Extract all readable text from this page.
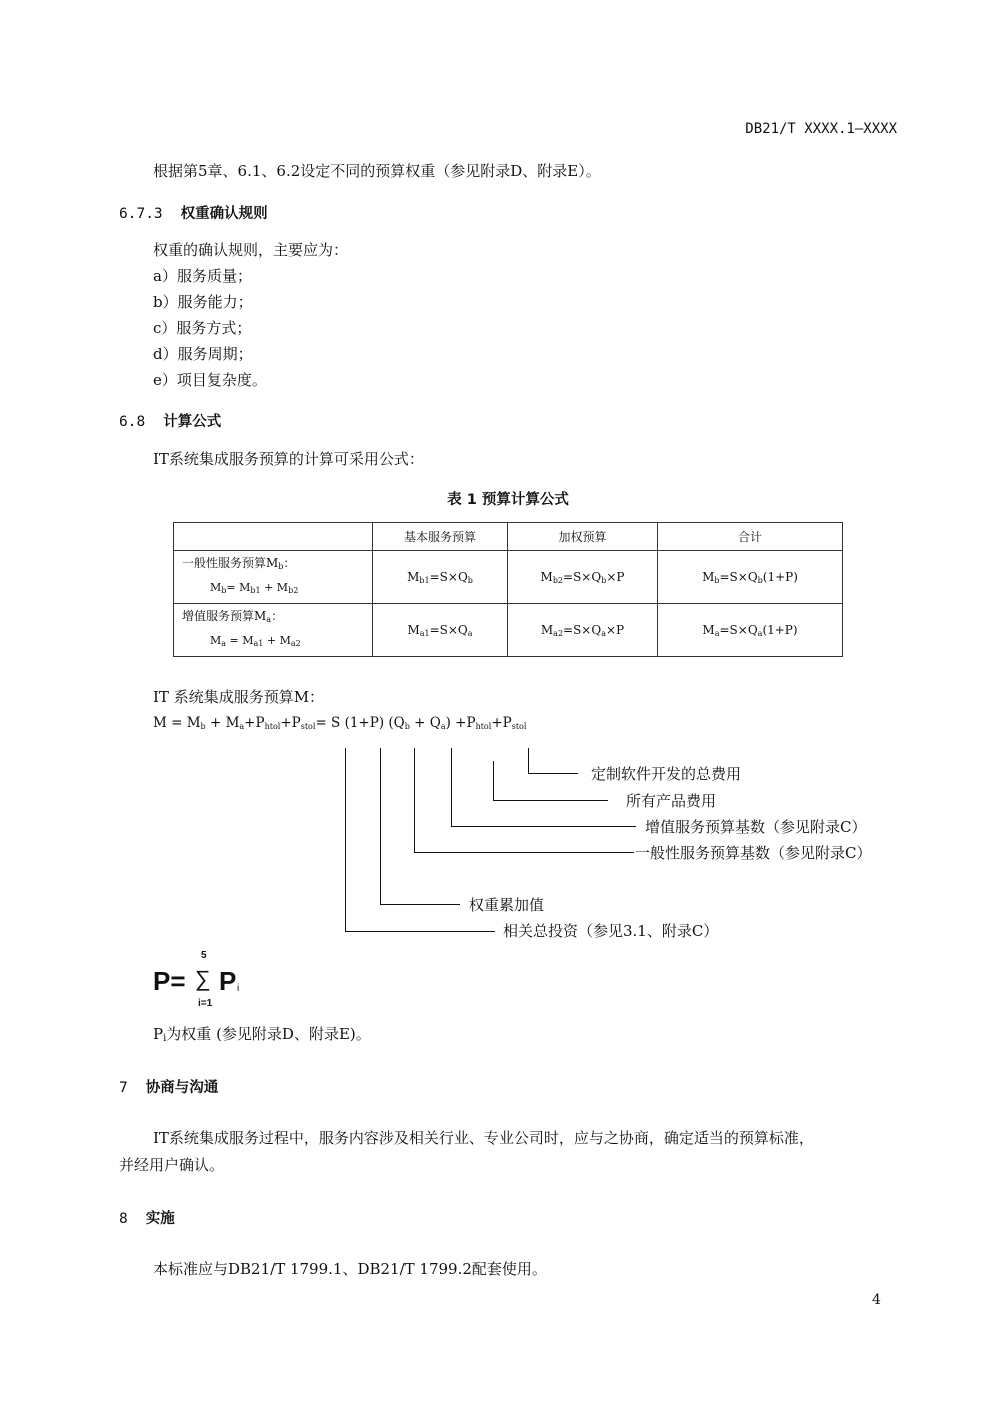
DB21/T XXXX.1—XXXX
根据第5章、6.1、6.2设定不同的预算权重（参见附录D、附录E）。
6.7.3 权重确认规则
权重的确认规则，主要应为：
a）服务质量；
b）服务能力；
c）服务方式；
d）服务周期；
e）项目复杂度。
6.8 计算公式
IT系统集成服务预算的计算可采用公式：
表 1 预算计算公式
	基本服务预算	加权预算	合计

一般性服务预算$M_b$：
$M_b= M_{b1} + M_{b2}$	$M_{b1}=S\times Q_b$	$M_{b2}=S\times Q_b\times P$	$M_b=S\times Q_b(1+P)$

增值服务预算$M_a$：
$M_a = M_{a1} + M_{a2}$	$M_{a1}=S\times Q_a$	$M_{a2}=S\times Q_a\times P$	$M_a=S\times Q_a(1+P)$
IT 系统集成服务预算M：
$M = M_b + M_a+P_{htol}+P_{stol}= S$ (1+P) $(Q_b + Q_a) +P_{htol}+P_{stol}$
定制软件开发的总费用
所有产品费用
增值服务预算基数（参见附录C）
一般性服务预算基数（参见附录C）
权重累加值
相关总投资（参见3.1、附录C）
P=
5
∑
i=1
P i
$P_i$为权重 (参见附录D、附录E)。
7 协商与沟通
IT系统集成服务过程中，服务内容涉及相关行业、专业公司时，应与之协商，确定适当的预算标准，
并经用户确认。
8 实施
本标准应与DB21/T 1799.1、DB21/T 1799.2配套使用。
4
